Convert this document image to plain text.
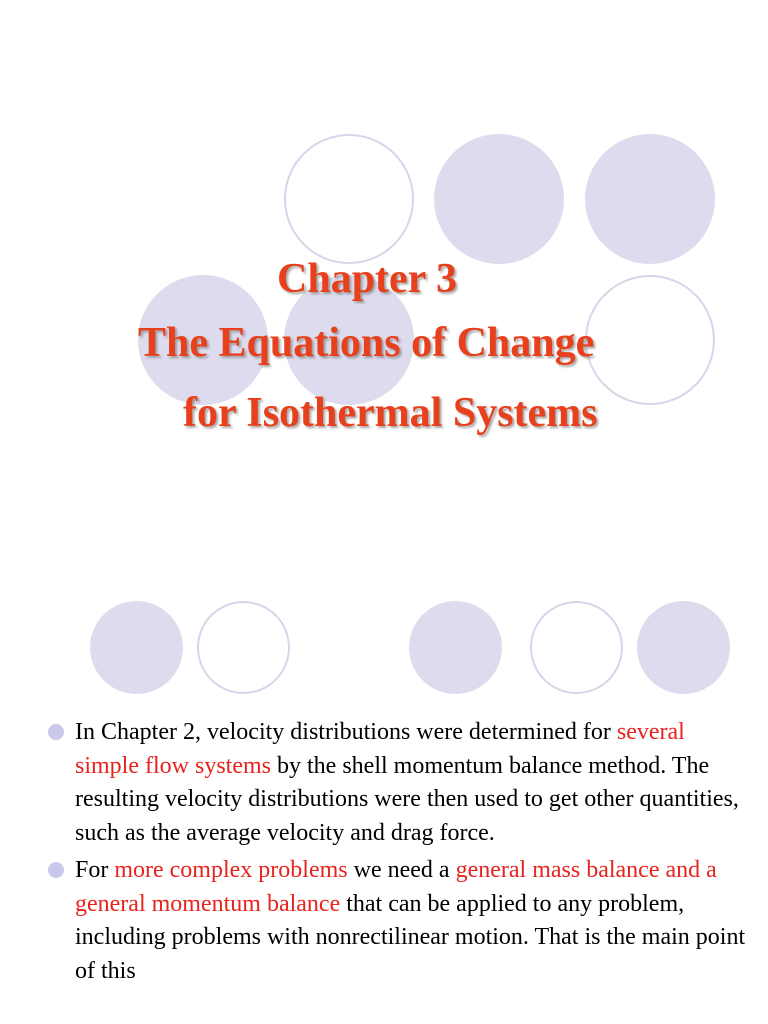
Chapter 3
The Equations of Change
for Isothermal Systems
In Chapter 2, velocity distributions were determined for several simple flow systems by the shell momentum balance method. The resulting velocity distributions were then used to get other quantities, such as the average velocity and drag force.
For more complex problems we need a general mass balance and a general momentum balance that can be applied to any problem, including problems with nonrectilinear motion. That is the main point of this
